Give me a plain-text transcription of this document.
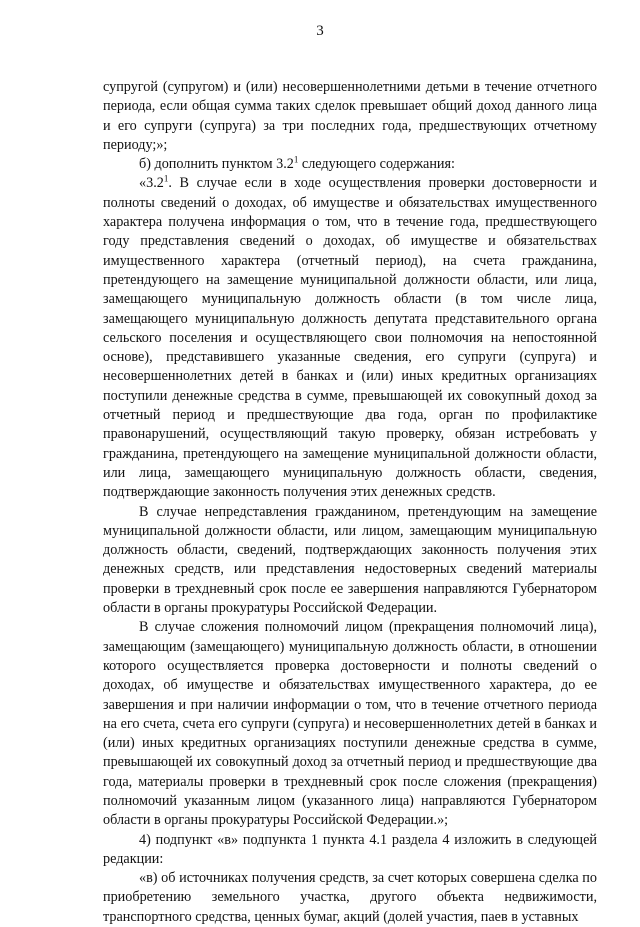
3

супругой (супругом) и (или) несовершеннолетними детьми в течение отчетного периода, если общая сумма таких сделок превышает общий доход данного лица и его супруги (супруга) за три последних года, предшествующих отчетному периоду;»;

б) дополнить пунктом $3.2^1$ следующего содержания:

«$3.2^1$. В случае если в ходе осуществления проверки достоверности и полноты сведений о доходах, об имуществе и обязательствах имущественного характера получена информация о том, что в течение года, предшествующего году представления сведений о доходах, об имуществе и обязательствах имущественного характера (отчетный период), на счета гражданина, претендующего на замещение муниципальной должности области, или лица, замещающего муниципальную должность области (в том числе лица, замещающего муниципальную должность депутата представительного органа сельского поселения и осуществляющего свои полномочия на непостоянной основе), представившего указанные сведения, его супруги (супруга) и несовершеннолетних детей в банках и (или) иных кредитных организациях поступили денежные средства в сумме, превышающей их совокупный доход за отчетный период и предшествующие два года, орган по профилактике правонарушений, осуществляющий такую проверку, обязан истребовать у гражданина, претендующего на замещение муниципальной должности области, или лица, замещающего муниципальную должность области, сведения, подтверждающие законность получения этих денежных средств.

В случае непредставления гражданином, претендующим на замещение муниципальной должности области, или лицом, замещающим муниципальную должность области, сведений, подтверждающих законность получения этих денежных средств, или представления недостоверных сведений материалы проверки в трехдневный срок после ее завершения направляются Губернатором области в органы прокуратуры Российской Федерации.

В случае сложения полномочий лицом (прекращения полномочий лица), замещающим (замещающего) муниципальную должность области, в отношении которого осуществляется проверка достоверности и полноты сведений о доходах, об имуществе и обязательствах имущественного характера, до ее завершения и при наличии информации о том, что в течение отчетного периода на его счета, счета его супруги (супруга) и несовершеннолетних детей в банках и (или) иных кредитных организациях поступили денежные средства в сумме, превышающей их совокупный доход за отчетный период и предшествующие два года, материалы проверки в трехдневный срок после сложения (прекращения) полномочий указанным лицом (указанного лица) направляются Губернатором области в органы прокуратуры Российской Федерации.»;

4) подпункт «в» подпункта 1 пункта 4.1 раздела 4 изложить в следующей редакции:

«в) об источниках получения средств, за счет которых совершена сделка по приобретению земельного участка, другого объекта недвижимости, транспортного средства, ценных бумаг, акций (долей участия, паев в уставных
